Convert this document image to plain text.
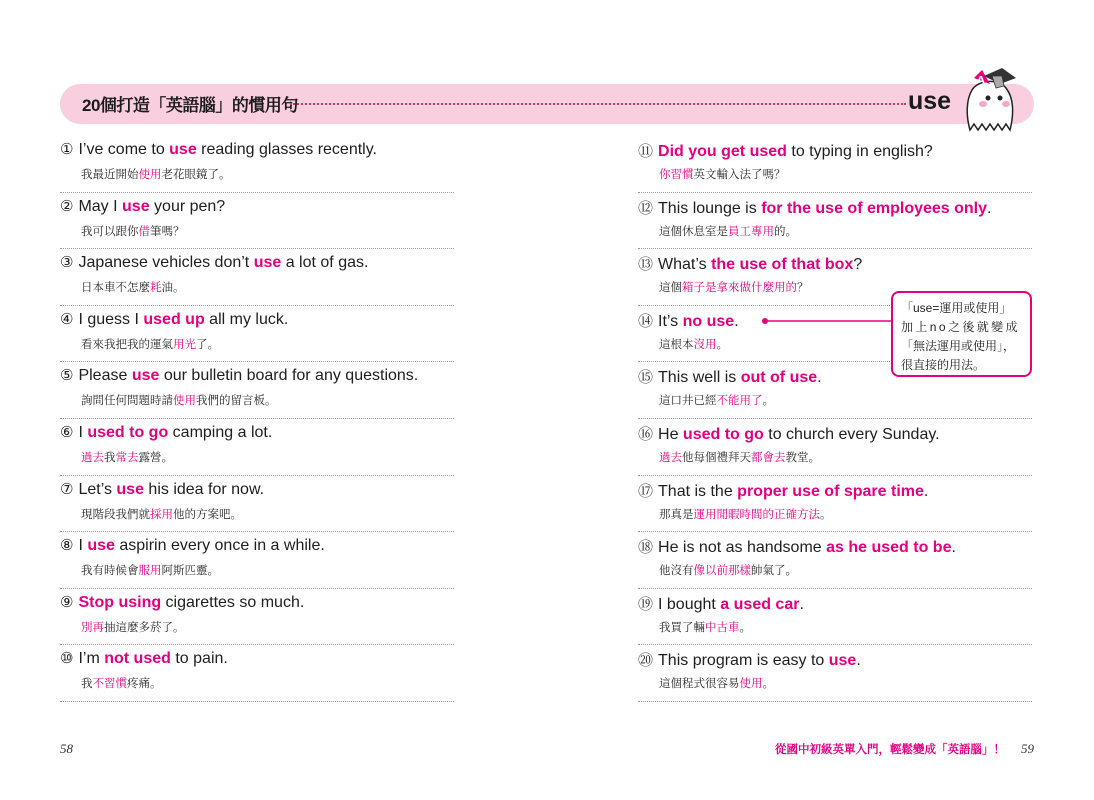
20個打造「英語腦」的慣用句	use
A
① I’ve come to use reading glasses recently.
我最近開始使用老花眼鏡了。
② May I use your pen?
我可以跟你借筆嗎？
③ Japanese vehicles don’t use a lot of gas.
日本車不怎麼耗油。
④ I guess I used up all my luck.
看來我把我的運氣用光了。
⑤ Please use our bulletin board for any questions.
詢問任何問題時請使用我們的留言板。
⑥ I used to go camping a lot.
過去我常去露營。
⑦ Let’s use his idea for now.
現階段我們就採用他的方案吧。
⑧ I use aspirin every once in a while.
我有時候會服用阿斯匹靈。
⑨ Stop using cigarettes so much.
別再抽這麼多菸了。
⑩ I’m not used to pain.
我不習慣疼痛。
⑪ Did you get used to typing in english?
你習慣英文輸入法了嗎？
⑫ This lounge is for the use of employees only.
這個休息室是員工專用的。
⑬ What’s the use of that box?
這個箱子是拿來做什麼用的？
⑭ It’s no use.
這根本沒用。
⑮ This well is out of use.
這口井已經不能用了。
⑯ He used to go to church every Sunday.
過去他每個禮拜天都會去教堂。
⑰ That is the proper use of spare time.
那真是運用閒暇時間的正確方法。
⑱ He is not as handsome as he used to be.
他沒有像以前那樣帥氣了。
⑲ I bought a used car.
我買了輛中古車。
⑳ This program is easy to use.
這個程式很容易使用。
「use=運用或使用」
加上no之後就變成
「無法運用或使用」，
很直接的用法。
58	從國中初級英單入門，輕鬆變成「英語腦」！ 59
